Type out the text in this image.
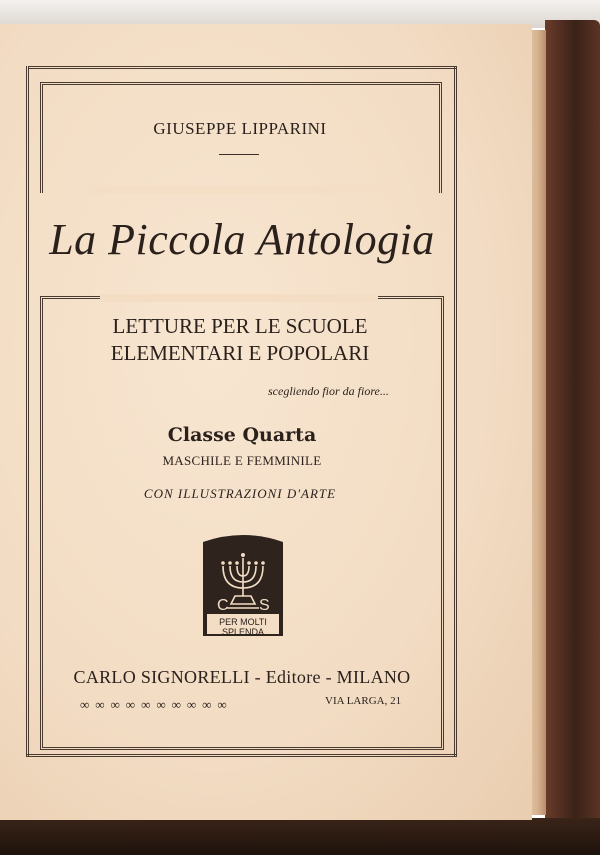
GIUSEPPE LIPPARINI
La Piccola Antologia
LETTURE PER LE SCUOLE
ELEMENTARI E POPOLARI
scegliendo fior da fiore...
Classe Quarta
MASCHILE E FEMMINILE
CON ILLUSTRAZIONI D'ARTE
C S
PER MOLTI
SPLENDA
CARLO SIGNORELLI - Editore - MILANO
∞∞∞∞∞∞∞∞∞∞	VIA LARGA, 21
